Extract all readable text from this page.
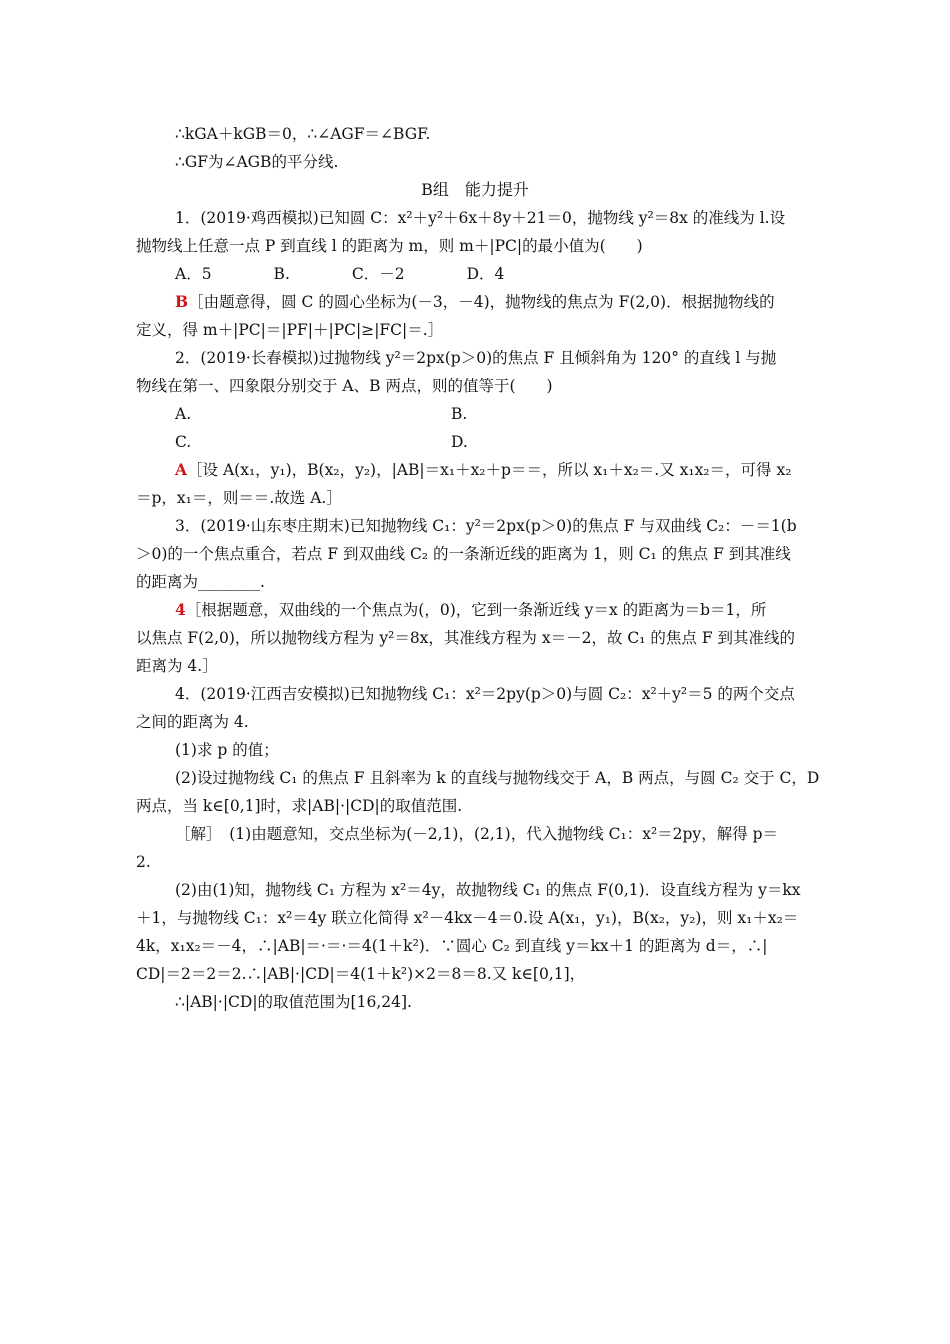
∴kGA＋kGB＝0，∴∠AGF＝∠BGF.
∴GF为∠AGB的平分线.
B组　能力提升
1．(2019·鸡西模拟)已知圆 C：x²＋y²＋6x＋8y＋21＝0，抛物线 y²＝8x 的准线为 l.设
抛物线上任意一点 P 到直线 l 的距离为 m，则 m＋|PC|的最小值为(　　)
A．5　　　　B.　　　　C．－2　　　　D．4
B［由题意得，圆 C 的圆心坐标为(－3，－4)，抛物线的焦点为 F(2,0)．根据抛物线的
定义，得 m＋|PC|＝|PF|＋|PC|≥|FC|＝.］
2．(2019·长春模拟)过抛物线 y²＝2px(p＞0)的焦点 F 且倾斜角为 120° 的直线 l 与抛
物线在第一、四象限分别交于 A、B 两点，则的值等于(　　)
A.	B.
C.	D.
A［设 A(x₁，y₁)，B(x₂，y₂)，|AB|＝x₁＋x₂＋p＝＝，所以 x₁＋x₂＝.又 x₁x₂＝，可得 x₂
＝p，x₁＝，则＝＝.故选 A.］
3．(2019·山东枣庄期末)已知抛物线 C₁：y²＝2px(p＞0)的焦点 F 与双曲线 C₂：－＝1(b
＞0)的一个焦点重合，若点 F 到双曲线 C₂ 的一条渐近线的距离为 1，则 C₁ 的焦点 F 到其准线
的距离为________.
4［根据题意，双曲线的一个焦点为(，0)，它到一条渐近线 y＝x 的距离为＝b＝1，所
以焦点 F(2,0)，所以抛物线方程为 y²＝8x，其准线方程为 x＝－2，故 C₁ 的焦点 F 到其准线的
距离为 4.］
4．(2019·江西吉安模拟)已知抛物线 C₁：x²＝2py(p＞0)与圆 C₂：x²＋y²＝5 的两个交点
之间的距离为 4.
(1)求 p 的值；
(2)设过抛物线 C₁ 的焦点 F 且斜率为 k 的直线与抛物线交于 A，B 两点，与圆 C₂ 交于 C，D
两点，当 k∈[0,1]时，求|AB|·|CD|的取值范围.
［解］　(1)由题意知，交点坐标为(－2,1)，(2,1)，代入抛物线 C₁：x²＝2py，解得 p＝
2.
(2)由(1)知，抛物线 C₁ 方程为 x²＝4y，故抛物线 C₁ 的焦点 F(0,1)．设直线方程为 y＝kx
＋1，与抛物线 C₁：x²＝4y 联立化简得 x²－4kx－4＝0.设 A(x₁，y₁)，B(x₂，y₂)，则 x₁＋x₂＝
4k，x₁x₂＝－4，∴|AB|＝·＝·＝4(1＋k²)．∵圆心 C₂ 到直线 y＝kx＋1 的距离为 d＝，∴|
CD|＝2＝2＝2.∴|AB|·|CD|＝4(1＋k²)×2＝8＝8.又 k∈[0,1]，
∴|AB|·|CD|的取值范围为[16,24].
